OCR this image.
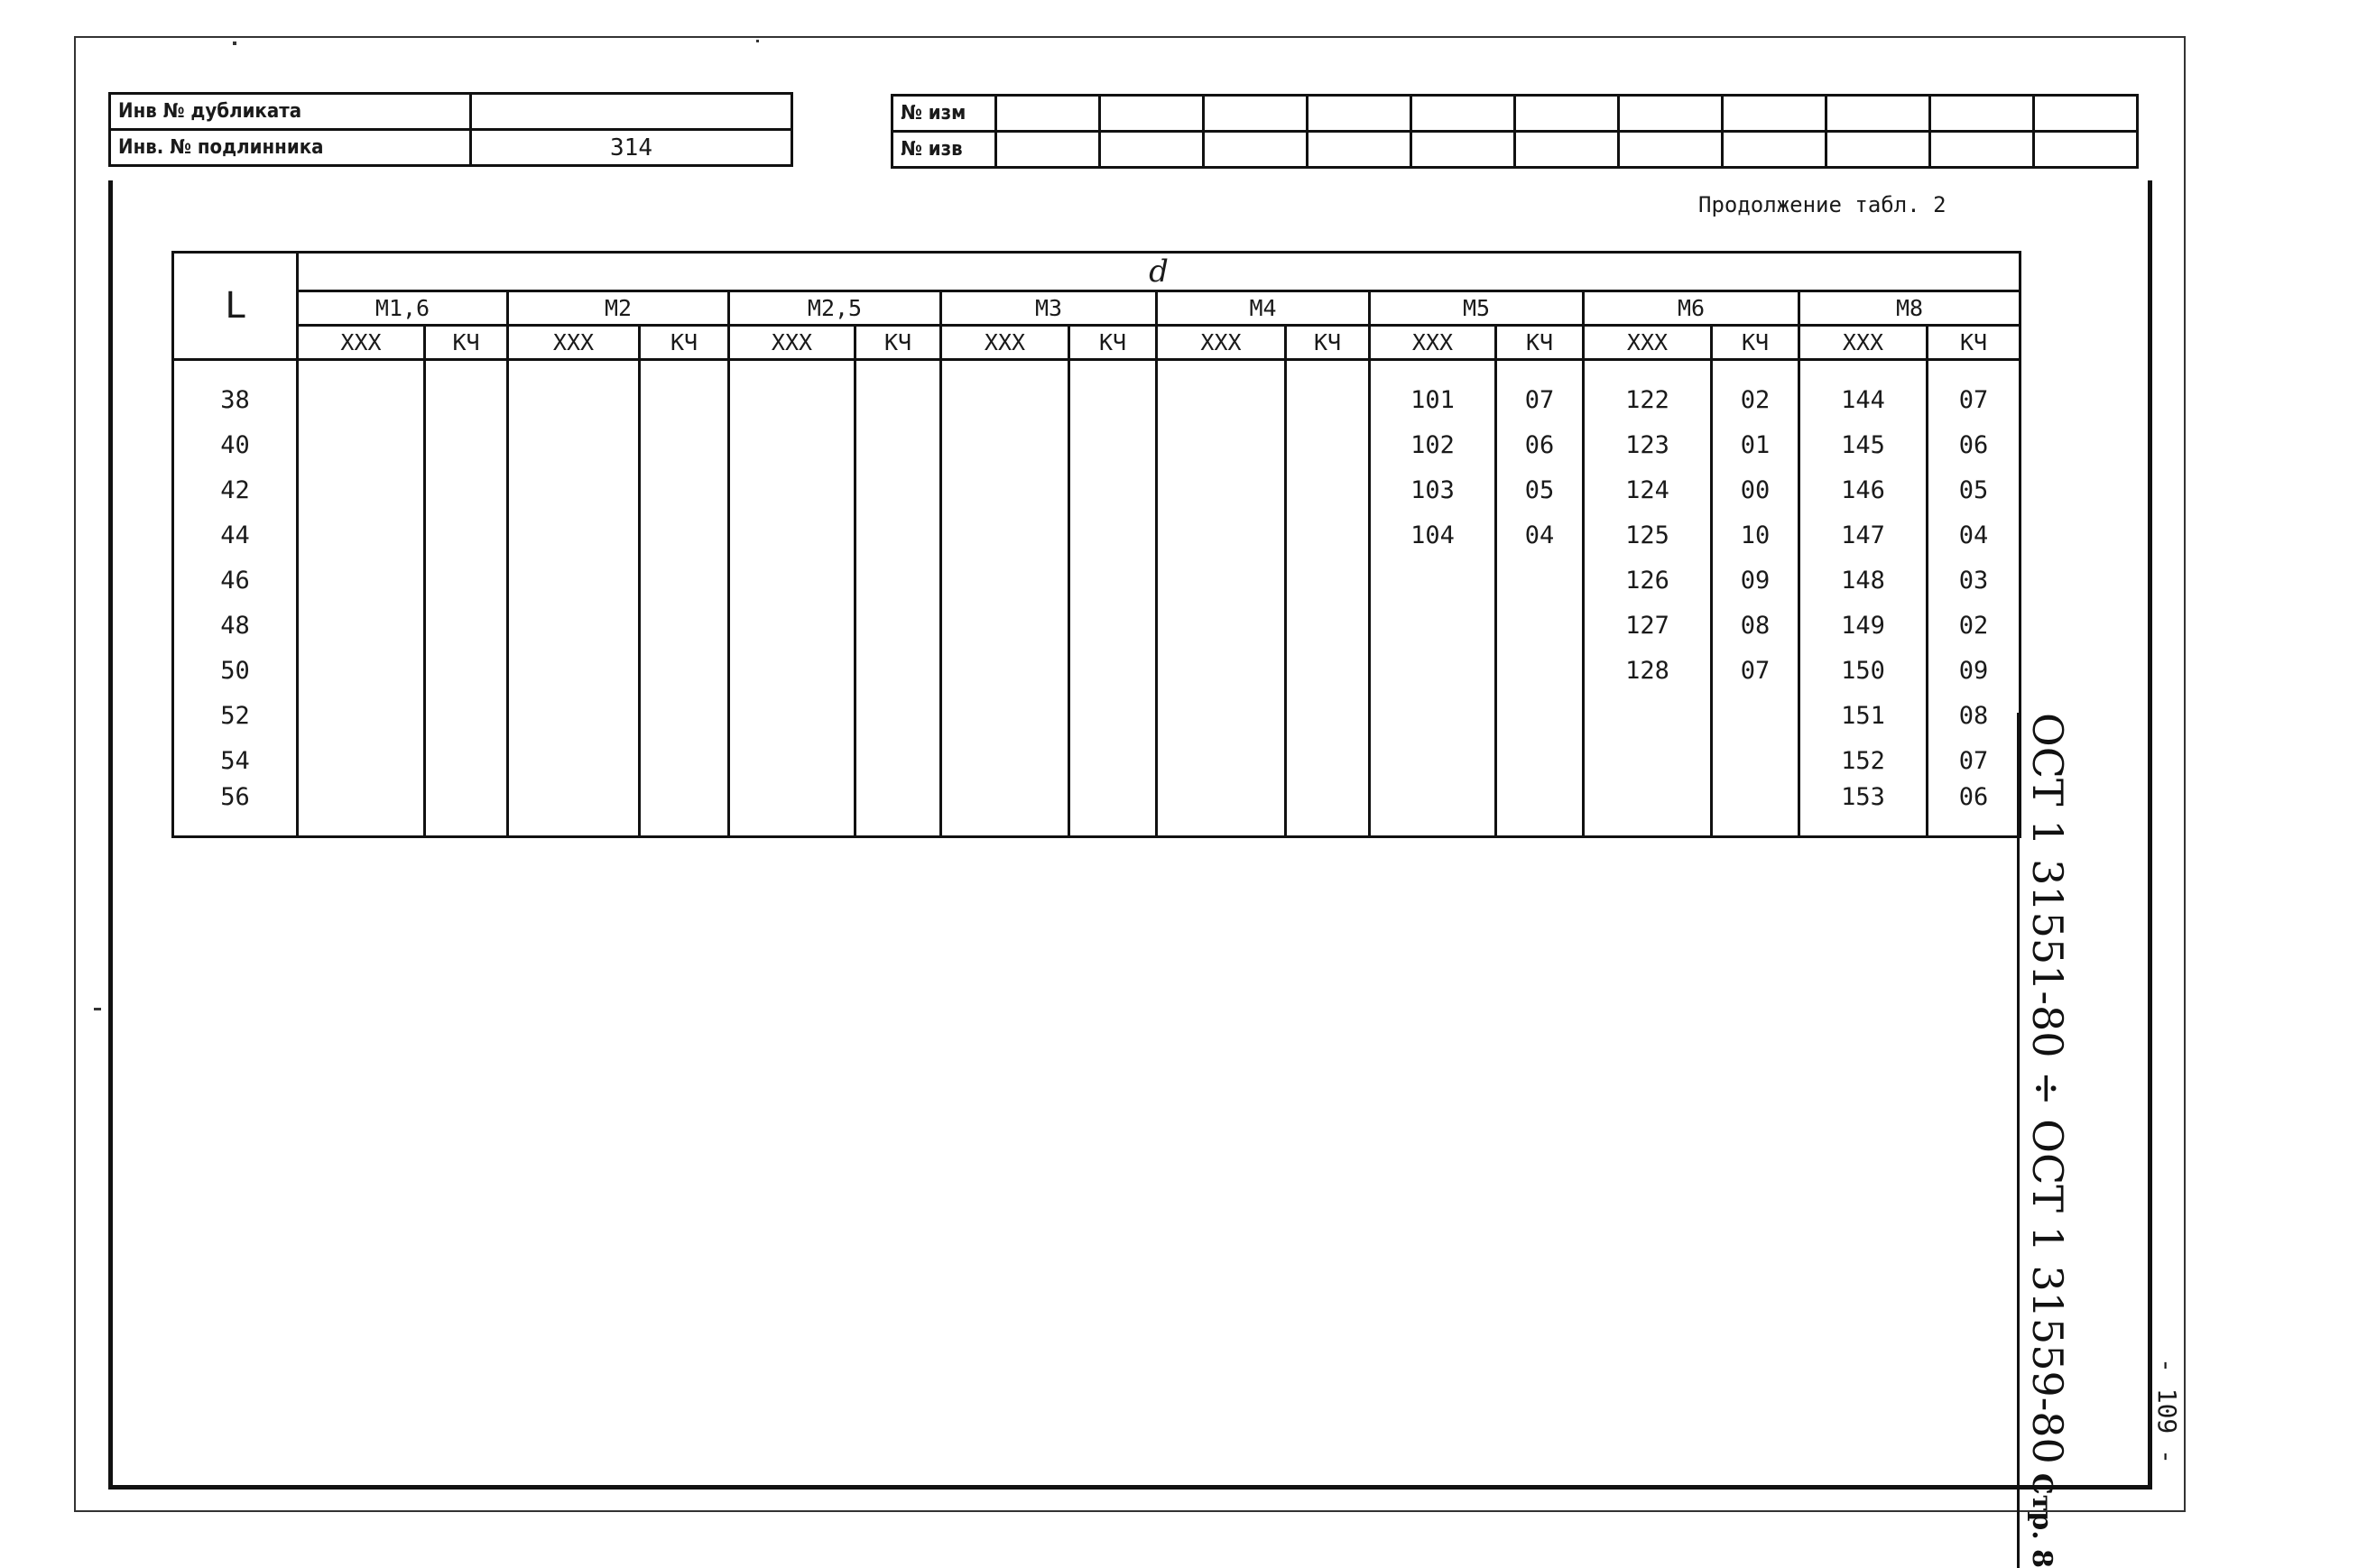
Инв № дубликата	
Инв. № подлинника	314
№ изм											
№ изв											
Продолжение табл. 2
L	d															
	M1,6		M2		M2,5		M3		M4		M5		M6		M8	
	XXX	КЧ	XXX	КЧ	XXX	КЧ	XXX	КЧ	XXX	КЧ	XXX	КЧ	XXX	КЧ	XXX	КЧ

38											101	07	122	02	144	07
40											102	06	123	01	145	06
42											103	05	124	00	146	05
44											104	04	125	10	147	04
46													126	09	148	03
48													127	08	149	02
50													128	07	150	09
52															151	08
54															152	07
56															153	06 ОСТ 1 31551-80 ÷ ОСТ 1 31559-80Стр. 8
- 109 -
